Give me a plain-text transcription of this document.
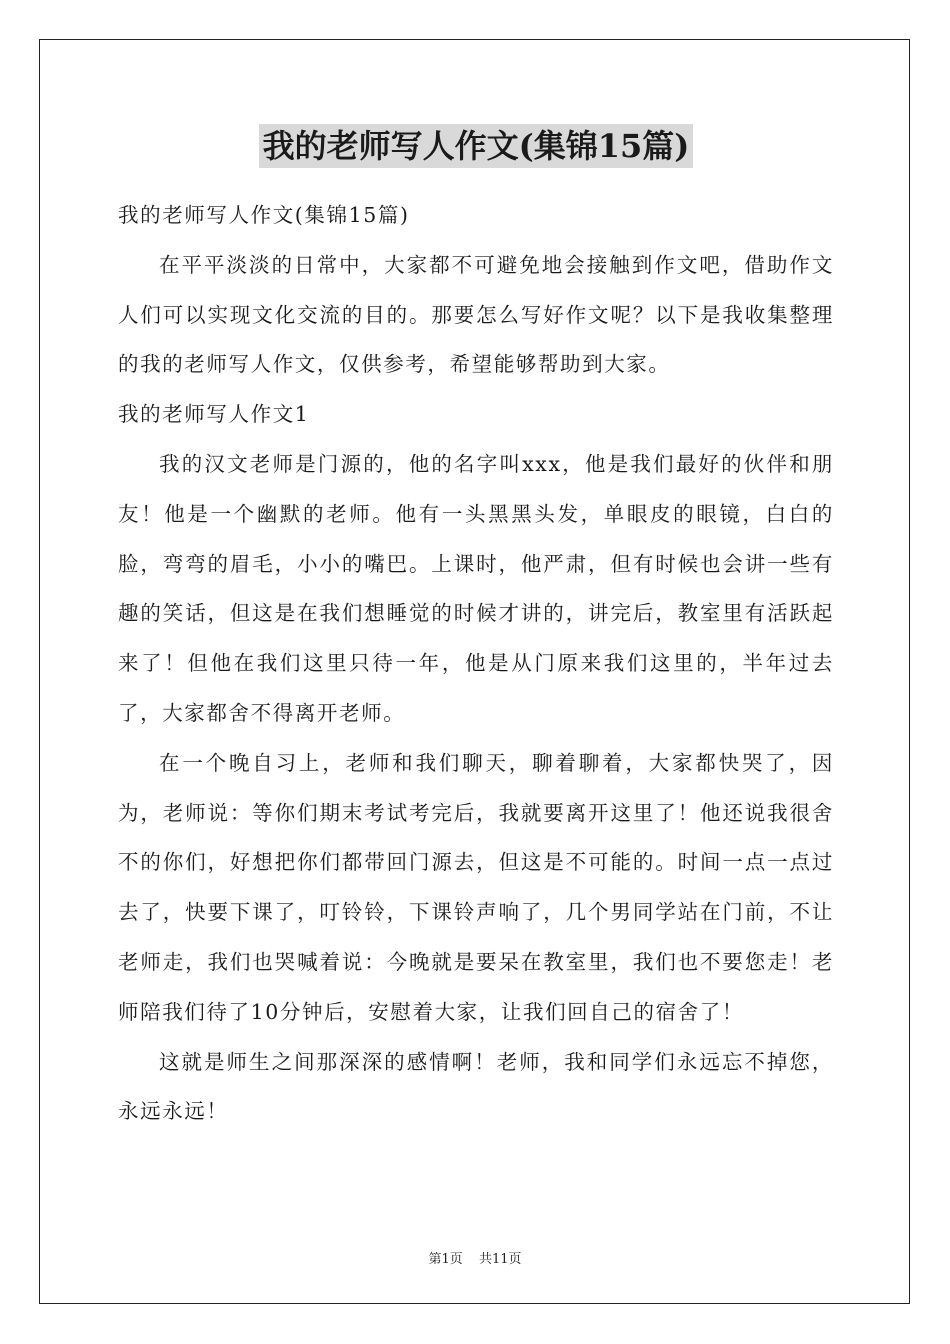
我的老师写人作文(集锦15篇)

我的老师写人作文(集锦15篇)

在平平淡淡的日常中，大家都不可避免地会接触到作文吧，借助作文人们可以实现文化交流的目的。那要怎么写好作文呢？以下是我收集整理的我的老师写人作文，仅供参考，希望能够帮助到大家。

我的老师写人作文1

我的汉文老师是门源的，他的名字叫xxx，他是我们最好的伙伴和朋友！他是一个幽默的老师。他有一头黑黑头发，单眼皮的眼镜，白白的脸，弯弯的眉毛，小小的嘴巴。上课时，他严肃，但有时候也会讲一些有趣的笑话，但这是在我们想睡觉的时候才讲的，讲完后，教室里有活跃起来了！但他在我们这里只待一年，他是从门原来我们这里的，半年过去了，大家都舍不得离开老师。

在一个晚自习上，老师和我们聊天，聊着聊着，大家都快哭了，因为，老师说：等你们期末考试考完后，我就要离开这里了！他还说我很舍不的你们，好想把你们都带回门源去，但这是不可能的。时间一点一点过去了，快要下课了，叮铃铃，下课铃声响了，几个男同学站在门前，不让老师走，我们也哭喊着说：今晚就是要呆在教室里，我们也不要您走！老师陪我们待了10分钟后，安慰着大家，让我们回自己的宿舍了！

这就是师生之间那深深的感情啊！老师，我和同学们永远忘不掉您，永远永远！

第1页 共11页
